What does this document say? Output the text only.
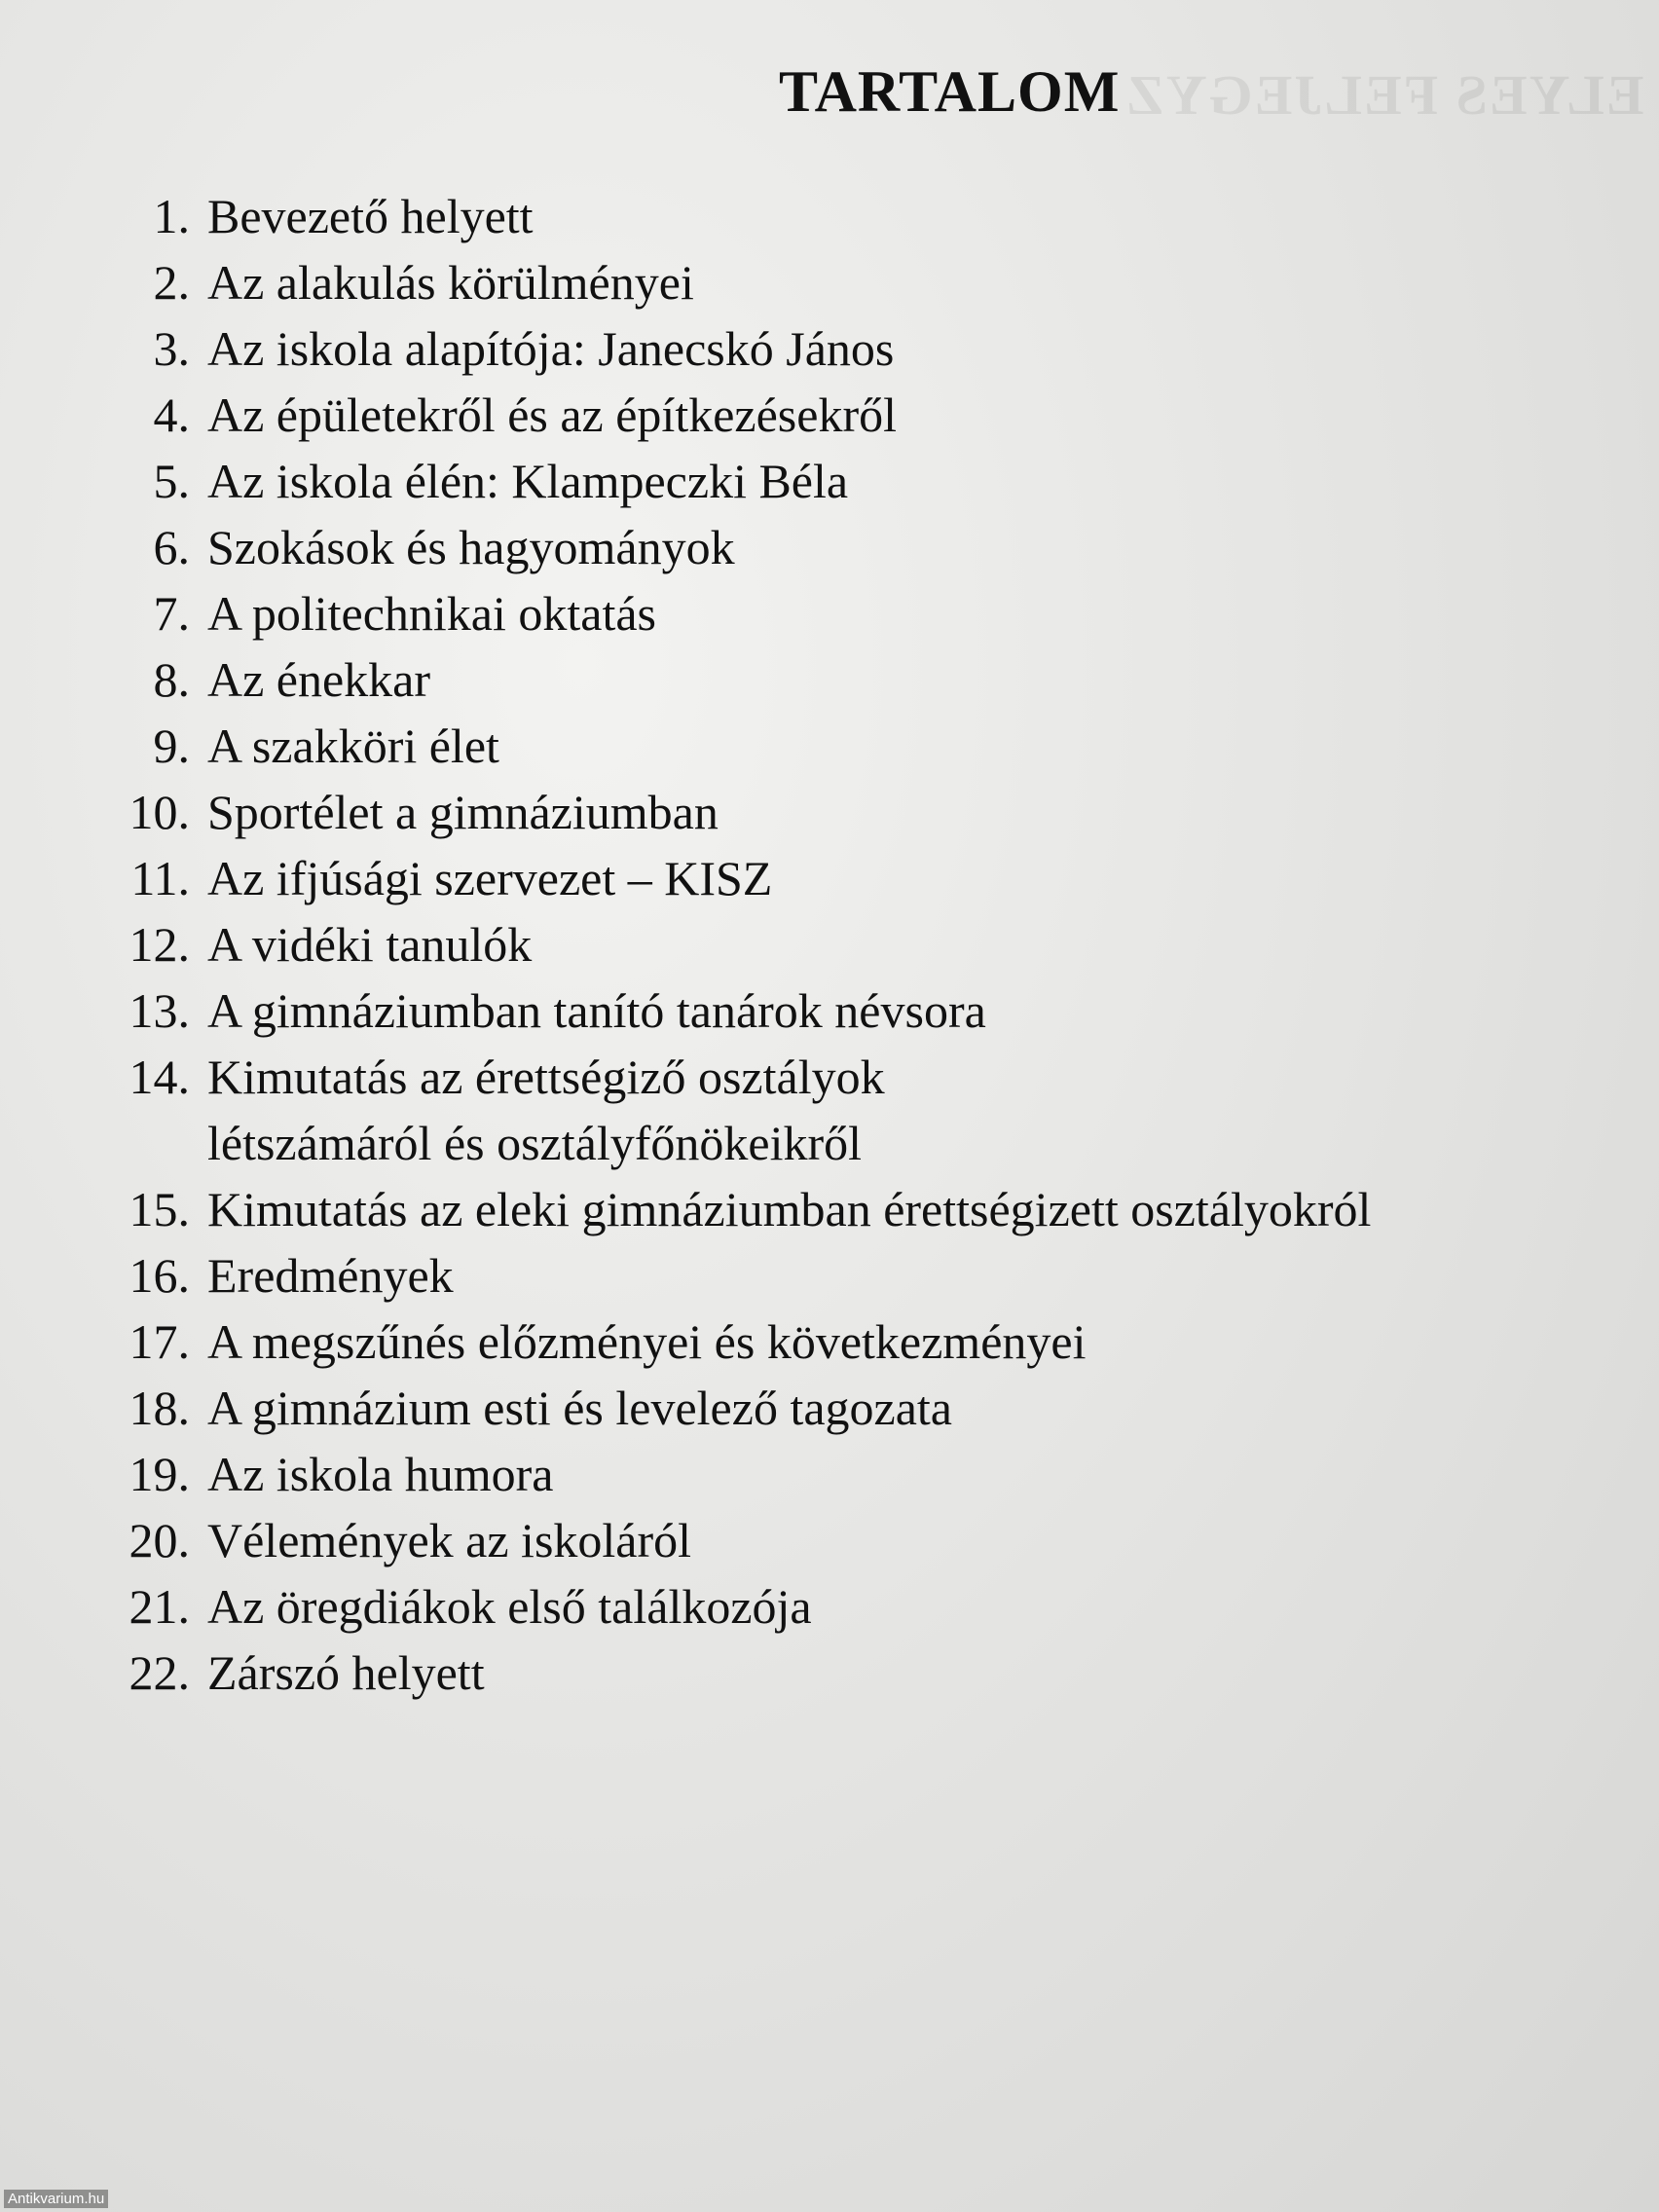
ELYES FELJEGYZ
TARTALOM
1. Bevezető helyett
2. Az alakulás körülményei
3. Az iskola alapítója: Janecskó János
4. Az épületekről és az építkezésekről
5. Az iskola élén: Klampeczki Béla
6. Szokások és hagyományok
7. A politechnikai oktatás
8. Az énekkar
9. A szakköri élet
10. Sportélet a gimnáziumban
11. Az ifjúsági szervezet – KISZ
12. A vidéki tanulók
13. A gimnáziumban tanító tanárok névsora
14. Kimutatás az érettségiző osztályok
létszámáról és osztályfőnökeikről
15. Kimutatás az eleki gimnáziumban érettségizett osztályokról
16. Eredmények
17. A megszűnés előzményei és következményei
18. A gimnázium esti és levelező tagozata
19. Az iskola humora
20. Vélemények az iskoláról
21. Az öregdiákok első találkozója
22. Zárszó helyett
Antikvarium.hu
